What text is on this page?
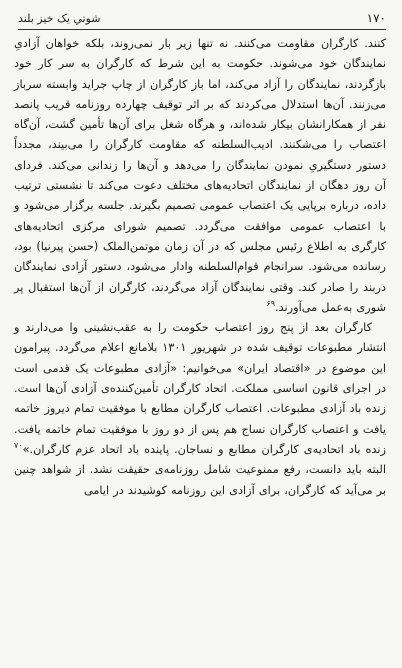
۱۷۰
شوتي يک خيز بلند

كنند. كارگران مقاومت می‌كنند. نه تنها زير بار نمی‌روند، بلكه خواهان آزادیِ نمايندگان خود می‌شوند. حكومت به اين شرط كه كارگران به سر كار خود بازگردند، نمايندگان را آزاد می‌كند، اما باز كارگران از چاپ جرايد وابسته سرباز می‌زنند. آن‌ها استدلال می‌كردند كه بر اثر توقيف چهارده روزنامه قريب پانصد نفر از همكارانشان بيكار شده‌اند، و هرگاه شغل برای آن‌ها تأمين گشت، آن‌گاه اعتصاب را می‌شكنند. اديب‌السلطنه كه مقاومت كارگران را می‌بيند، مجدداً دستور دستگيریِ نمودن نمايندگان را می‌دهد و آن‌ها را زندانی می‌كند. فردای آن روز دهگان از نمايندگان اتحاديه‌های مختلف دعوت می‌كند تا نشستی ترتيب داده، درباره بر‌پايی يک اعتصاب عمومی تصميم بگيرند. جلسه برگزار می‌شود و با اعتصاب عمومی موافقت می‌گردد. تصميم شورای مركزی اتحاديه‌های كارگری به اطلاع رئيس مجلس كه در آن زمان موتمن‌الملک (حسن پيرنيا) بود، رسانده می‌شود. سرانجام قوام‌السلطنه وادار می‌شود، دستور آزادی نمايندگان دربند را صادر كند. وقتی نمايندگان آزاد می‌گردند، كارگران از آن‌ها استقبال پر شوری به‌عمل می‌آورند.$^{۶۹}$

كارگران بعد از پنج روز اعتصاب حكومت را به عقب‌نشينی وا می‌دارند و انتشار مطبوعات توقيف شده در شهريور ۱۳۰۱ بلامانع اعلام می‌گردد. پيرامون اين موضوع در «اقتصاد ايران» می‌خوانيم: «آزادی مطبوعات يک قدمی است در اجرای قانون اساسی مملكت. اتحاد كارگران تأمين‌كننده‌ی آزادی آن‌ها است. زنده باد آزادی مطبوعات. اعتصاب كارگران مطابع با موفقيت تمام ديروز خاتمه يافت و اعتصاب كارگران نساج هم پس از دو روز با موفقيت تمام خاتمه يافت. زنده باد اتحاديه‌ی كارگران مطابع و نساجان. پاينده باد اتحاد عزم كارگران.»$^{۷۰}$ البته بايد دانست، رفع ممنوعيت شامل روزنامه‌ی حقيقت نشد. از شواهد چنين بر می‌آيد كه كارگران، برای آزادی اين روزنامه كوشيدند در ايامی
